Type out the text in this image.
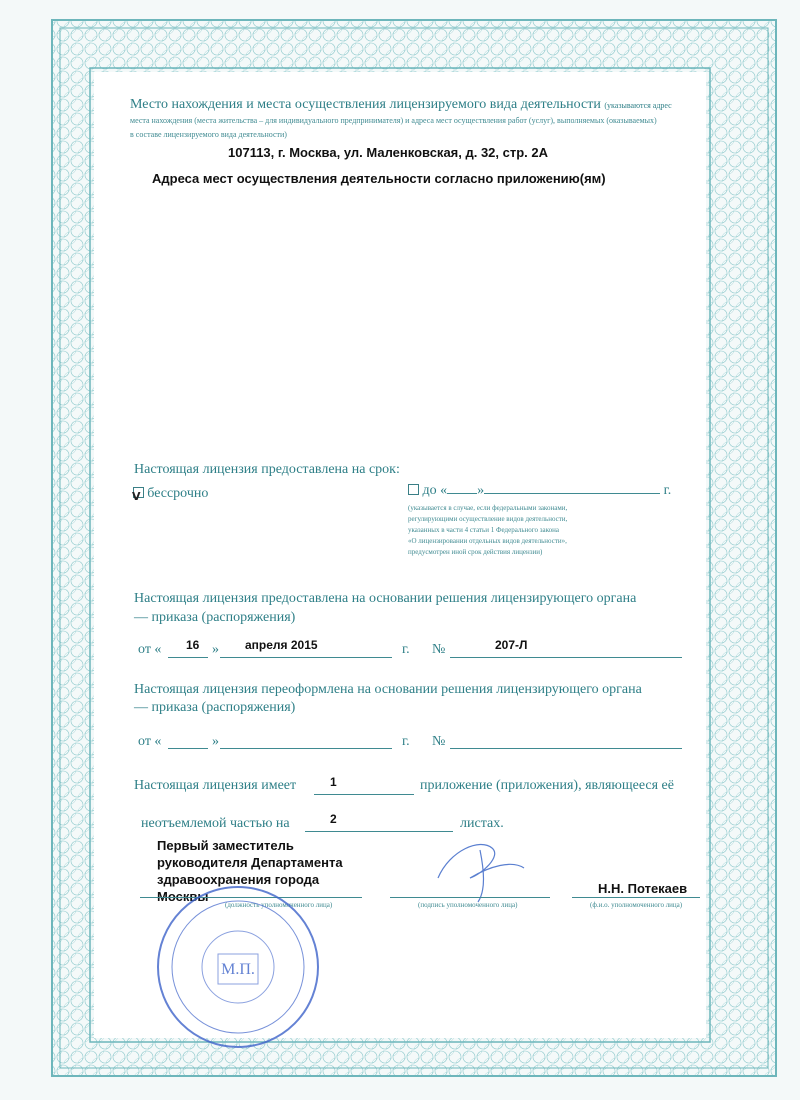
Место нахождения и места осуществления лицензируемого вида деятельности (указываются адрес
места нахождения (места жительства – для индивидуального предпринимателя) и адреса мест осуществления работ (услуг), выполняемых (оказываемых)
в составе лицензируемого вида деятельности)
107113, г. Москва, ул. Маленковская, д. 32, стр. 2А
Адреса мест осуществления деятельности согласно приложению(ям)
Настоящая лицензия предоставлена на срок:
бессрочно
V	до « »	г.
(указывается в случае, если федеральными законами,
регулирующими осуществление видов деятельности,
указанных в части 4 статьи 1 Федерального закона
«О лицензировании отдельных видов деятельности»,
предусмотрен иной срок действия лицензии)
Настоящая лицензия предоставлена на основании решения лицензирующего органа
— приказа (распоряжения)
от « 16 » апреля 2015	г. №	207-Л
Настоящая лицензия переоформлена на основании решения лицензирующего органа
— приказа (распоряжения)
от «	»	г. №
Настоящая лицензия имеет	1	приложение (приложения), являющееся её
неотъемлемой частью на	2	листах.
Первый заместитель
руководителя Департамента
здравоохранения города
Москвы
(должность уполномоченного лица)	(подпись уполномоченного лица)
Н.Н. Потекаев
(ф.и.о. уполномоченного лица)
М.П.
